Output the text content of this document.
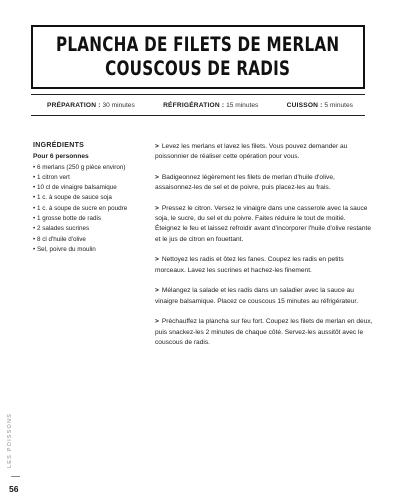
PLANCHA DE FILETS DE MERLAN
COUSCOUS DE RADIS
PRÉPARATION : 30 minutes	RÉFRIGÉRATION : 15 minutes	CUISSON : 5 minutes
INGRÉDIENTS
Pour 6 personnes
• 6 merlans (250 g pièce environ)
• 1 citron vert
• 10 cl de vinaigre balsamique
• 1 c. à soupe de sauce soja
• 1 c. à soupe de sucre en poudre
• 1 grosse botte de radis
• 2 salades sucrines
• 8 cl d'huile d'olive
• Sel, poivre du moulin
> Levez les merlans et lavez les filets. Vous pouvez demander au poissonnier de réaliser cette opération pour vous.
> Badigeonnez légèrement les filets de merlan d'huile d'olive, assaisonnez-les de sel et de poivre, puis placez-les au frais.
> Pressez le citron. Versez le vinaigre dans une casserole avec la sauce soja, le sucre, du sel et du poivre. Faites réduire le tout de moitié. Éteignez le feu et laissez refroidir avant d'incorporer l'huile d'olive restante et le jus de citron en fouettant.
> Nettoyez les radis et ôtez les fanes. Coupez les radis en petits morceaux. Lavez les sucrines et hachez-les finement.
> Mélangez la salade et les radis dans un saladier avec la sauce au vinaigre balsamique. Placez ce couscous 15 minutes au réfrigérateur.
> Préchauffez la plancha sur feu fort. Coupez les filets de merlan en deux, puis snackez-les 2 minutes de chaque côté. Servez-les aussitôt avec le couscous de radis.
LES POISSONS
56
